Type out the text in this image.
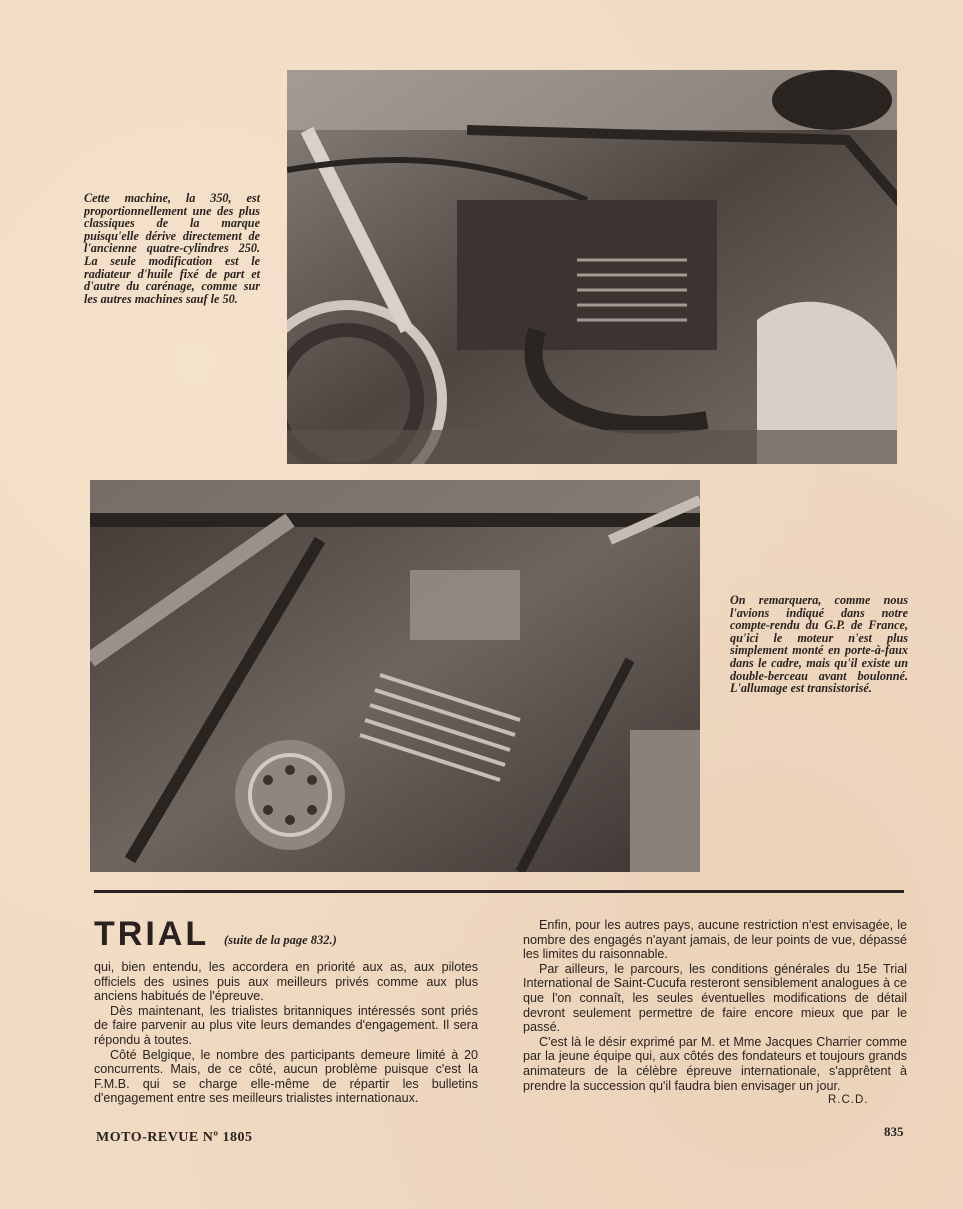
Cette machine, la 350, est proportionnellement une des plus classiques de la marque puisqu'elle dérive directement de l'ancienne quatre-cylindres 250. La seule modification est le radiateur d'huile fixé de part et d'autre du carénage, comme sur les autres machines sauf le 50.

On remarquera, comme nous l'avions indiqué dans notre compte-rendu du G.P. de France, qu'ici le moteur n'est plus simplement monté en porte-à-faux dans le cadre, mais qu'il existe un double-berceau avant boulonné. L'allumage est transistorisé.

TRIAL (suite de la page 832.)

qui, bien entendu, les accordera en priorité aux as, aux pilotes officiels des usines puis aux meilleurs privés comme aux plus anciens habitués de l'épreuve.

Dès maintenant, les trialistes britanniques intéressés sont priés de faire parvenir au plus vite leurs demandes d'engagement. Il sera répondu à toutes.

Côté Belgique, le nombre des participants demeure limité à 20 concurrents. Mais, de ce côté, aucun problème puisque c'est la F.M.B. qui se charge elle-même de répartir les bulletins d'engagement entre ses meilleurs trialistes internationaux.

Enfin, pour les autres pays, aucune restriction n'est envisagée, le nombre des engagés n'ayant jamais, de leur points de vue, dépassé les limites du raisonnable.

Par ailleurs, le parcours, les conditions générales du 15e Trial International de Saint-Cucufa resteront sensiblement analogues à ce que l'on connaît, les seules éventuelles modifications de détail devront seulement permettre de faire encore mieux que par le passé.

C'est là le désir exprimé par M. et Mme Jacques Charrier comme par la jeune équipe qui, aux côtés des fondateurs et toujours grands animateurs de la célèbre épreuve internationale, s'apprêtent à prendre la succession qu'il faudra bien envisager un jour.

R.C.D.
MOTO-REVUE Nº 1805	835
